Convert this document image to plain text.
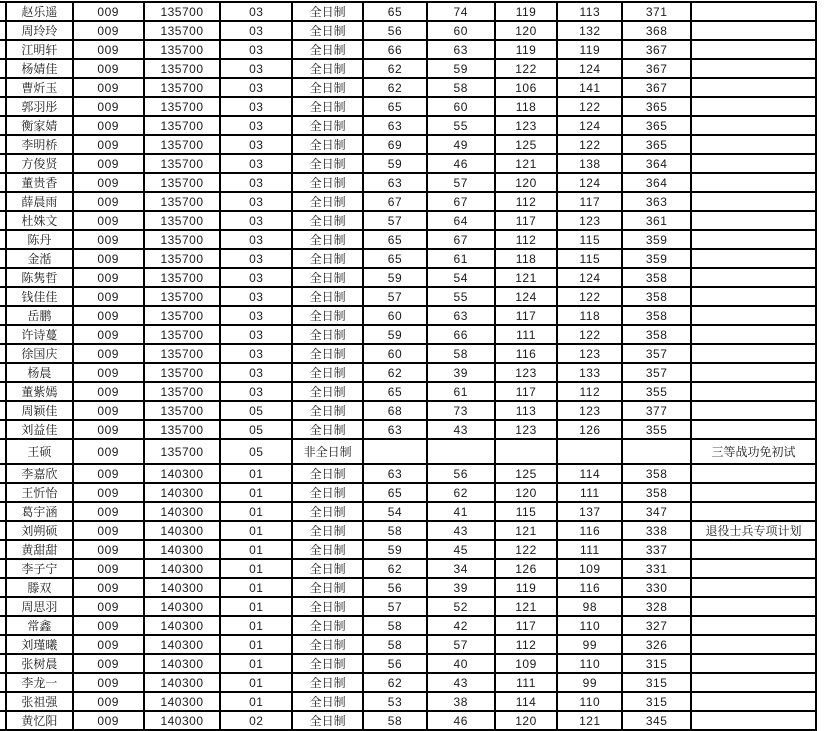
	赵乐遥	009	135700	03	全日制	65	74	119	113	371	
	周玲玲	009	135700	03	全日制	56	60	120	132	368	
	江明轩	009	135700	03	全日制	66	63	119	119	367	
	杨婧佳	009	135700	03	全日制	62	59	122	124	367	
	曹炘玉	009	135700	03	全日制	62	58	106	141	367	
	郭羽彤	009	135700	03	全日制	65	60	118	122	365	
	衡家婧	009	135700	03	全日制	63	55	123	124	365	
	李明桥	009	135700	03	全日制	69	49	125	122	365	
	方俊贤	009	135700	03	全日制	59	46	121	138	364	
	董贵香	009	135700	03	全日制	63	57	120	124	364	
	薛晨雨	009	135700	03	全日制	67	67	112	117	363	
	杜姝文	009	135700	03	全日制	57	64	117	123	361	
	陈丹	009	135700	03	全日制	65	67	112	115	359	
	金湉	009	135700	03	全日制	65	61	118	115	359	
	陈隽哲	009	135700	03	全日制	59	54	121	124	358	
	钱佳佳	009	135700	03	全日制	57	55	124	122	358	
	岳鹏	009	135700	03	全日制	60	63	117	118	358	
	许诗蔓	009	135700	03	全日制	59	66	111	122	358	
	徐国庆	009	135700	03	全日制	60	58	116	123	357	
	杨晨	009	135700	03	全日制	62	39	123	133	357	
	董紫嫣	009	135700	03	全日制	65	61	117	112	355	
	周颖佳	009	135700	05	全日制	68	73	113	123	377	
	刘益佳	009	135700	05	全日制	63	43	123	126	355	
	王硕	009	135700	05	非全日制						三等战功免初试
	李嘉欣	009	140300	01	全日制	63	56	125	114	358	
	王忻怡	009	140300	01	全日制	65	62	120	111	358	
	葛宇涵	009	140300	01	全日制	54	41	115	137	347	
	刘朔硕	009	140300	01	全日制	58	43	121	116	338	退役士兵专项计划
	黄甜甜	009	140300	01	全日制	59	45	122	111	337	
	李子宁	009	140300	01	全日制	62	34	126	109	331	
	滕双	009	140300	01	全日制	56	39	119	116	330	
	周思羽	009	140300	01	全日制	57	52	121	98	328	
	常鑫	009	140300	01	全日制	58	42	117	110	327	
	刘瑾曦	009	140300	01	全日制	58	57	112	99	326	
	张树晨	009	140300	01	全日制	56	40	109	110	315	
	李龙一	009	140300	01	全日制	62	43	111	99	315	
	张祖强	009	140300	01	全日制	53	38	114	110	315	
	黄忆阳	009	140300	02	全日制	58	46	120	121	345	
